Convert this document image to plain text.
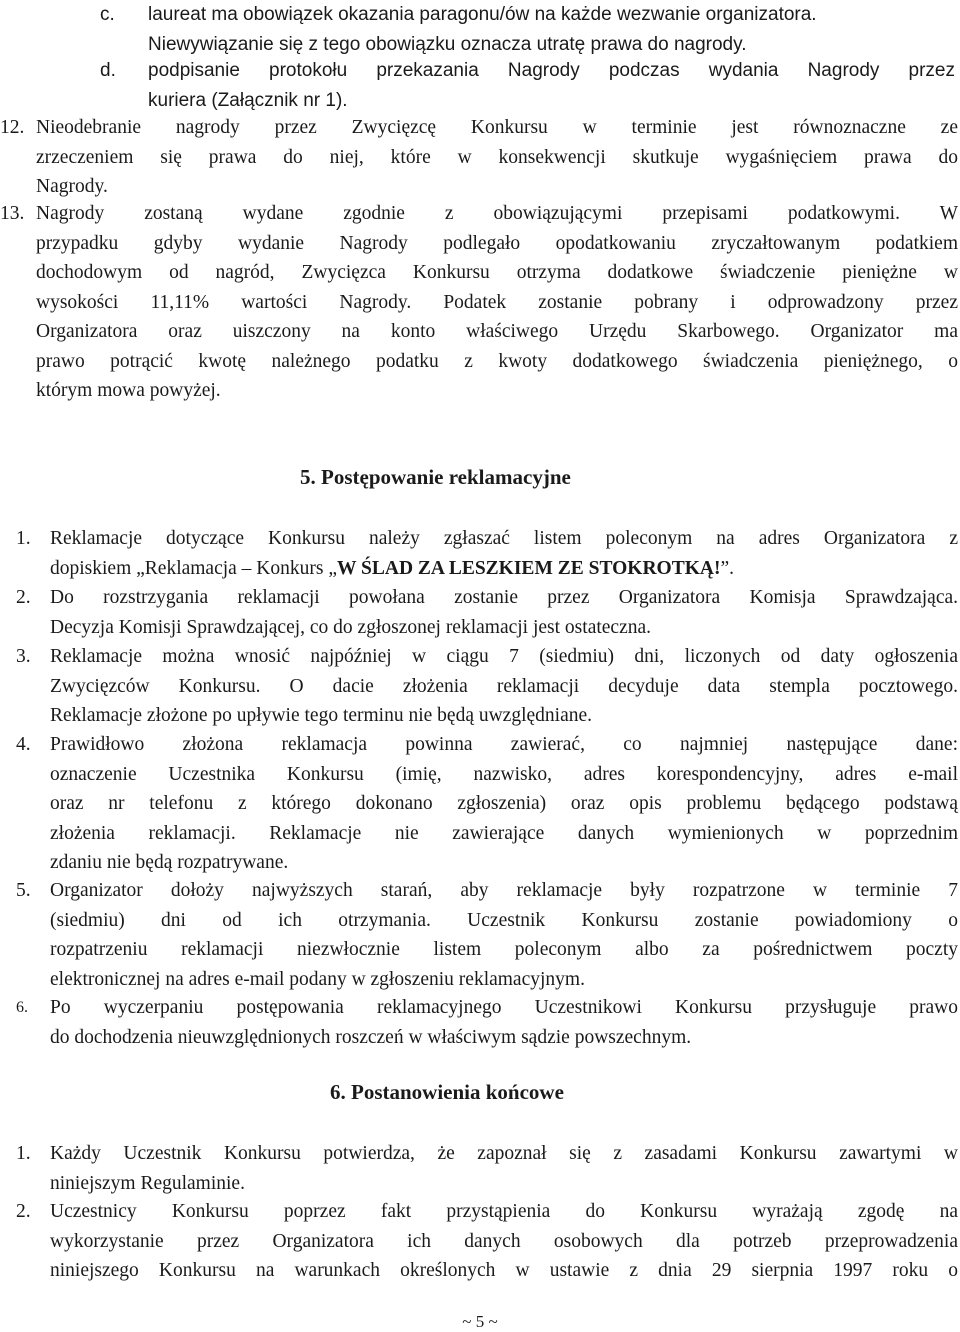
c. laureat ma obowiązek okazania paragonu/ów na każde wezwanie organizatora.
Niewywiązanie się z tego obowiązku oznacza utratę prawa do nagrody.
d. podpisanie protokołu przekazania Nagrody podczas wydania Nagrody przez
kuriera (Załącznik nr 1).
12. Nieodebranie nagrody przez Zwycięzcę Konkursu w terminie jest równoznaczne ze
zrzeczeniem się prawa do niej, które w konsekwencji skutkuje wygaśnięciem prawa do
Nagrody.
13. Nagrody zostaną wydane zgodnie z obowiązującymi przepisami podatkowymi. W
przypadku gdyby wydanie Nagrody podlegało opodatkowaniu zryczałtowanym podatkiem
dochodowym od nagród, Zwycięzca Konkursu otrzyma dodatkowe świadczenie pieniężne w
wysokości 11,11% wartości Nagrody. Podatek zostanie pobrany i odprowadzony przez
Organizatora oraz uiszczony na konto właściwego Urzędu Skarbowego. Organizator ma
prawo potrącić kwotę należnego podatku z kwoty dodatkowego świadczenia pieniężnego, o
którym mowa powyżej.
5. Postępowanie reklamacyjne
1. Reklamacje dotyczące Konkursu należy zgłaszać listem poleconym na adres Organizatora z
dopiskiem „Reklamacja – Konkurs „W ŚLAD ZA LESZKIEM ZE STOKROTKĄ!”.
2. Do rozstrzygania reklamacji powołana zostanie przez Organizatora Komisja Sprawdzająca.
Decyzja Komisji Sprawdzającej, co do zgłoszonej reklamacji jest ostateczna.
3. Reklamacje można wnosić najpóźniej w ciągu 7 (siedmiu) dni, liczonych od daty ogłoszenia
Zwycięzców Konkursu. O dacie złożenia reklamacji decyduje data stempla pocztowego.
Reklamacje złożone po upływie tego terminu nie będą uwzględniane.
4. Prawidłowo złożona reklamacja powinna zawierać, co najmniej następujące dane:
oznaczenie Uczestnika Konkursu (imię, nazwisko, adres korespondencyjny, adres e-mail
oraz nr telefonu z którego dokonano zgłoszenia) oraz opis problemu będącego podstawą
złożenia reklamacji. Reklamacje nie zawierające danych wymienionych w poprzednim
zdaniu nie będą rozpatrywane.
5. Organizator dołoży najwyższych starań, aby reklamacje były rozpatrzone w terminie 7
(siedmiu) dni od ich otrzymania. Uczestnik Konkursu zostanie powiadomiony o
rozpatrzeniu reklamacji niezwłocznie listem poleconym albo za pośrednictwem poczty
elektronicznej na adres e-mail podany w zgłoszeniu reklamacyjnym.
6. Po wyczerpaniu postępowania reklamacyjnego Uczestnikowi Konkursu przysługuje prawo
do dochodzenia nieuwzględnionych roszczeń w właściwym sądzie powszechnym.
6. Postanowienia końcowe
1. Każdy Uczestnik Konkursu potwierdza, że zapoznał się z zasadami Konkursu zawartymi w
niniejszym Regulaminie.
2. Uczestnicy Konkursu poprzez fakt przystąpienia do Konkursu wyrażają zgodę na
wykorzystanie przez Organizatora ich danych osobowych dla potrzeb przeprowadzenia
niniejszego Konkursu na warunkach określonych w ustawie z dnia 29 sierpnia 1997 roku o
~ 5 ~
